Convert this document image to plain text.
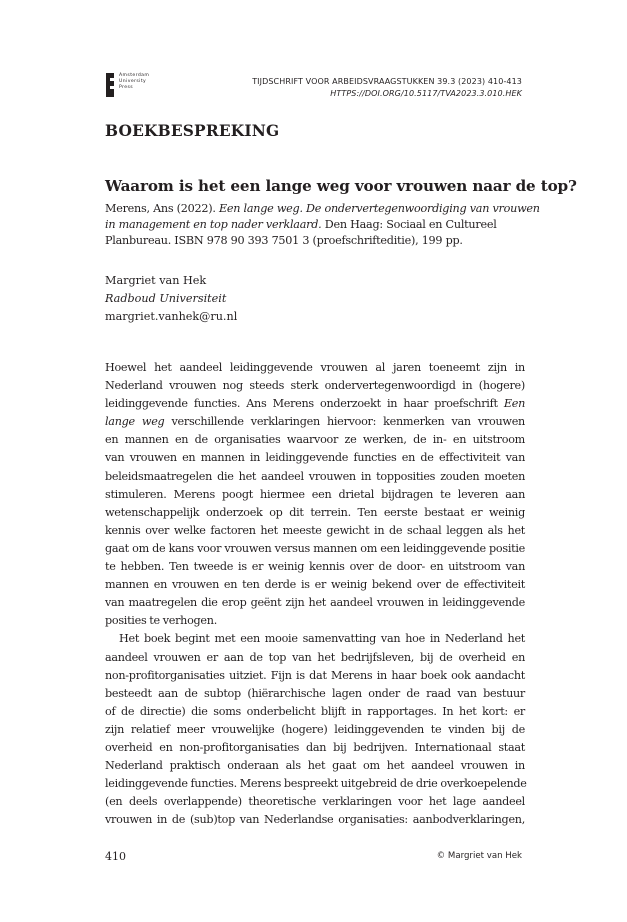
Amsterdam
University
Press
TIJDSCHRIFT VOOR ARBEIDSVRAAGSTUKKEN 39.3 (2023) 410-413
HTTPS://DOI.ORG/10.5117/TVA2023.3.010.HEK
BOEKBESPREKING
Waarom is het een lange weg voor vrouwen naar de top?
Merens, Ans (2022). Een lange weg. De ondervertegenwoordiging van vrouwen
in management en top nader verklaard. Den Haag: Sociaal en Cultureel
Planbureau. ISBN 978 90 393 7501 3 (proefschrifteditie), 199 pp.
Margriet van Hek
Radboud Universiteit
margriet.vanhek@ru.nl
Hoewel het aandeel leidinggevende vrouwen al jaren toeneemt zijn in
Nederland vrouwen nog steeds sterk ondervertegenwoordigd in (hogere)
leidinggevende functies. Ans Merens onderzoekt in haar proefschrift Een
lange weg verschillende verklaringen hiervoor: kenmerken van vrouwen
en mannen en de organisaties waarvoor ze werken, de in- en uitstroom
van vrouwen en mannen in leidinggevende functies en de effectiviteit van
beleidsmaatregelen die het aandeel vrouwen in topposities zouden moeten
stimuleren. Merens poogt hiermee een drietal bijdragen te leveren aan
wetenschappelijk onderzoek op dit terrein. Ten eerste bestaat er weinig
kennis over welke factoren het meeste gewicht in de schaal leggen als het
gaat om de kans voor vrouwen versus mannen om een leidinggevende positie
te hebben. Ten tweede is er weinig kennis over de door- en uitstroom van
mannen en vrouwen en ten derde is er weinig bekend over de effectiviteit
van maatregelen die erop geënt zijn het aandeel vrouwen in leidinggevende
posities te verhogen.
Het boek begint met een mooie samenvatting van hoe in Nederland het
aandeel vrouwen er aan de top van het bedrijfsleven, bij de overheid en
non-profitorganisaties uitziet. Fijn is dat Merens in haar boek ook aandacht
besteedt aan de subtop (hiërarchische lagen onder de raad van bestuur
of de directie) die soms onderbelicht blijft in rapportages. In het kort: er
zijn relatief meer vrouwelijke (hogere) leidinggevenden te vinden bij de
overheid en non-profitorganisaties dan bij bedrijven. Internationaal staat
Nederland praktisch onderaan als het gaat om het aandeel vrouwen in
leidinggevende functies. Merens bespreekt uitgebreid de drie overkoepelende
(en deels overlappende) theoretische verklaringen voor het lage aandeel
vrouwen in de (sub)top van Nederlandse organisaties: aanbodverklaringen,
410	© Margriet van Hek
